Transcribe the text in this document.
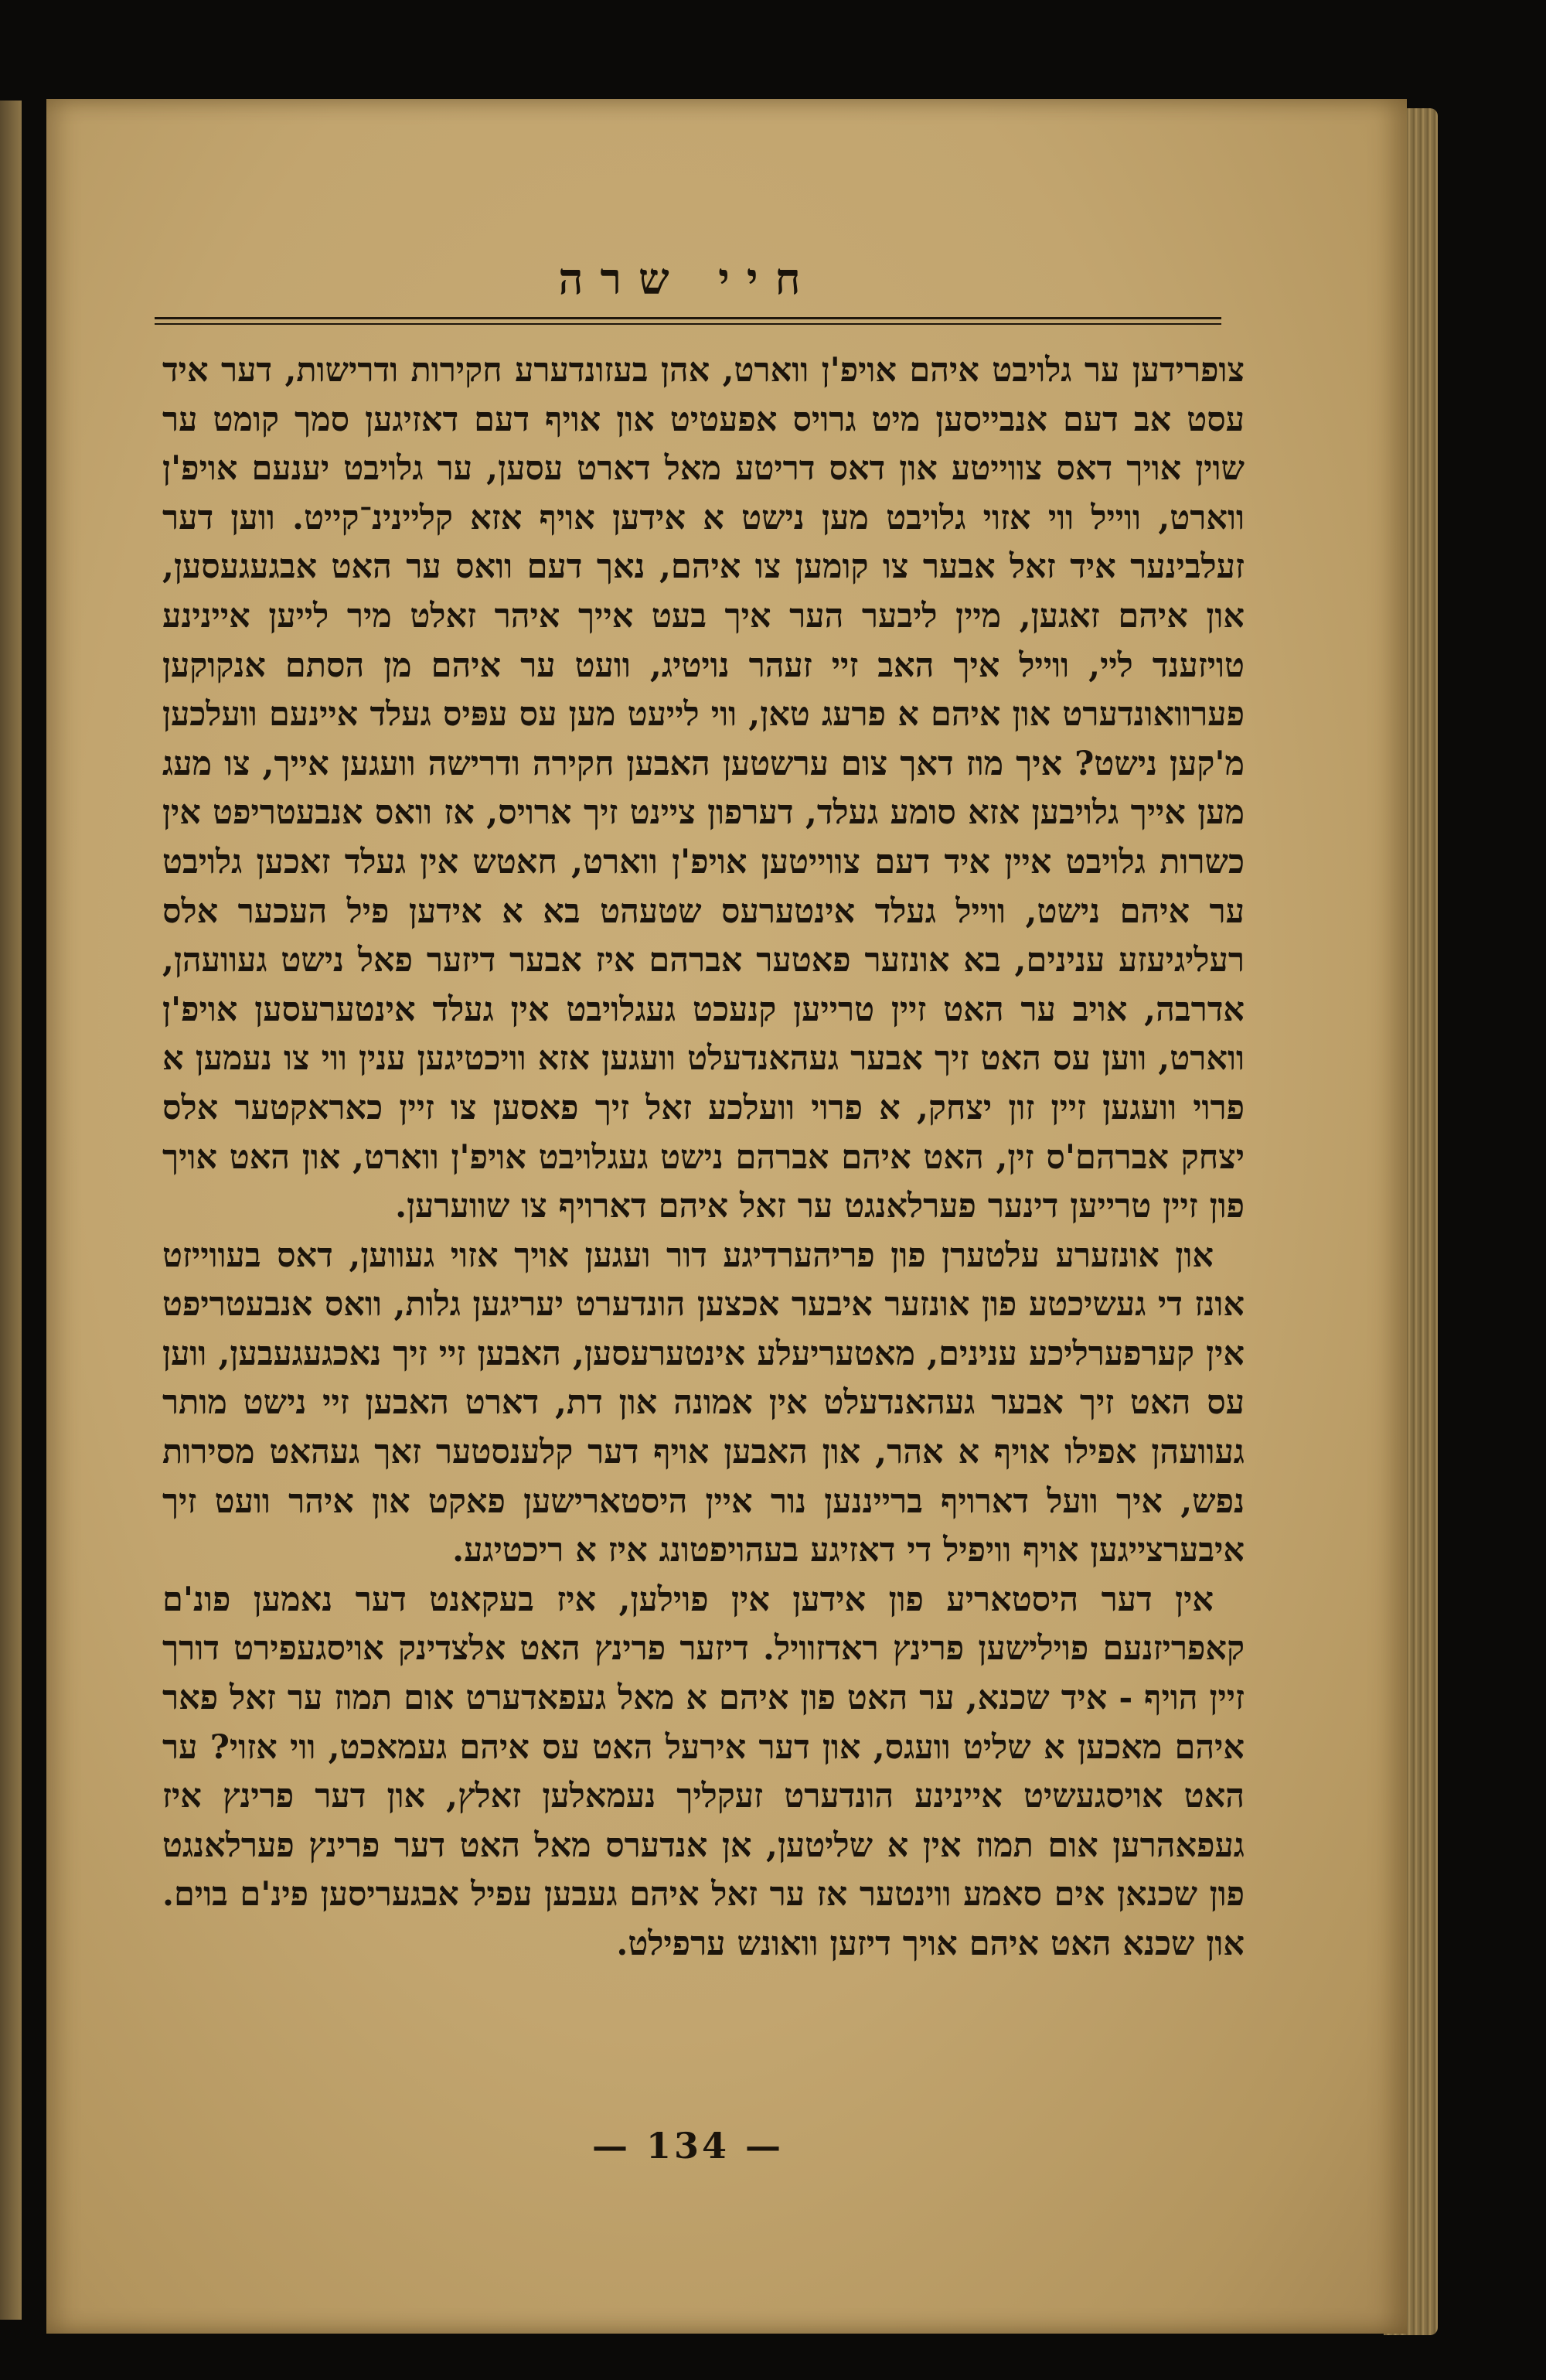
חיי שרה

צופרידען ער גלויבט איהם אויפ'ן ווארט, אהן בעזונדערע חקירות ודרישות, דער איד עסט אב דעם אנבייסען מיט גרויס אפעטיט און אויף דעם דאזיגען סמך קומט ער שוין אויך דאס צווייטע און דאס דריטע מאל דארט עסען, ער גלויבט יענעם אויפ'ן ווארט, ווייל ווי אזוי גלויבט מען נישט א אידען אויף אזא קליינינ־קייט. ווען דער זעלבינער איד זאל אבער צו קומען צו איהם, נאך דעם וואס ער האט אבגעגעסען, און איהם זאגען, מיין ליבער הער איך בעט אייך איהר זאלט מיר לייען איינינע טויזענד ליי, ווייל איך האב זיי זעהר נויטיג, וועט ער איהם מן הסתם אנקוקען פערוואונדערט און איהם א פרעג טאן, ווי לייעט מען עס עפּיס געלד איינעם וועלכען מ'קען נישט? איך מוז דאך צום ערשטען האבען חקירה ודרישה וועגען אייך, צו מעג מען אייך גלויבען אזא סומע געלד, דערפון ציינט זיך ארויס, אז וואס אנבעטריפט אין כשרות גלויבט איין איד דעם צווייטען אויפ'ן ווארט, חאטש אין געלד זאכען גלויבט ער איהם נישט, ווייל געלד אינטערעס שטעהט בא א אידען פיל העכער אלס רעליגיעזע ענינים, בא אונזער פאטער אברהם איז אבער דיזער פאל נישט געוועהן, אדרבה, אויב ער האט זיין טרייען קנעכט געגלויבט אין געלד אינטערעסען אויפ'ן ווארט, ווען עס האט זיך אבער געהאנדעלט וועגען אזא וויכטיגען ענין ווי צו נעמען א פרוי וועגען זיין זון יצחק, א פרוי וועלכע זאל זיך פאסען צו זיין כאראקטער אלס יצחק אברהם'ס זין, האט איהם אברהם נישט געגלויבט אויפ'ן ווארט, און האט אויך פון זיין טרייען דינער פערלאנגט ער זאל איהם דארויף צו שווערען.

און אונזערע עלטערן פון פריהערדיגע דור ועגען אויך אזוי געווען, דאס בעווייזט אונז די געשיכטע פון אונזער איבער אכצען הונדערט יעריגען גלות, וואס אנבעטריפט אין קערפערליכע ענינים, מאטעריעלע אינטערעסען, האבען זיי זיך נאכגעגעבען, ווען עס האט זיך אבער געהאנדעלט אין אמונה און דת, דארט האבען זיי נישט מותר געוועהן אפילו אויף א אהר, און האבען אויף דער קלענסטער זאך געהאט מסירות נפש, איך וועל דארויף ברייננען נור איין היסטארישען פאקט און איהר וועט זיך איבערצייגען אויף וויפיל די דאזיגע בעהויפטונג איז א ריכטיגע.

אין דער היסטאריע פון אידען אין פוילען, איז בעקאנט דער נאמען פונ'ם קאפריזנעם פוילישען פרינץ ראדזוויל. דיזער פרינץ האט אלצדינק אויסגעפירט דורך זיין הויף - איד שכנא, ער האט פון איהם א מאל געפאדערט אום תמוז ער זאל פאר איהם מאכען א שליט וועגס, און דער אירעל האט עס איהם געמאכט, ווי אזוי? ער האט אויסגעשיט איינינע הונדערט זעקליך נעמאלען זאלץ, און דער פרינץ איז געפאהרען אום תמוז אין א שליטען, אן אנדערס מאל האט דער פרינץ פערלאנגט פון שכנאן אים סאמע ווינטער אז ער זאל איהם געבען עפיל אבגעריסען פינ'ם בוים. און שכנא האט איהם אויך דיזען וואונש ערפילט.

— 134 —
